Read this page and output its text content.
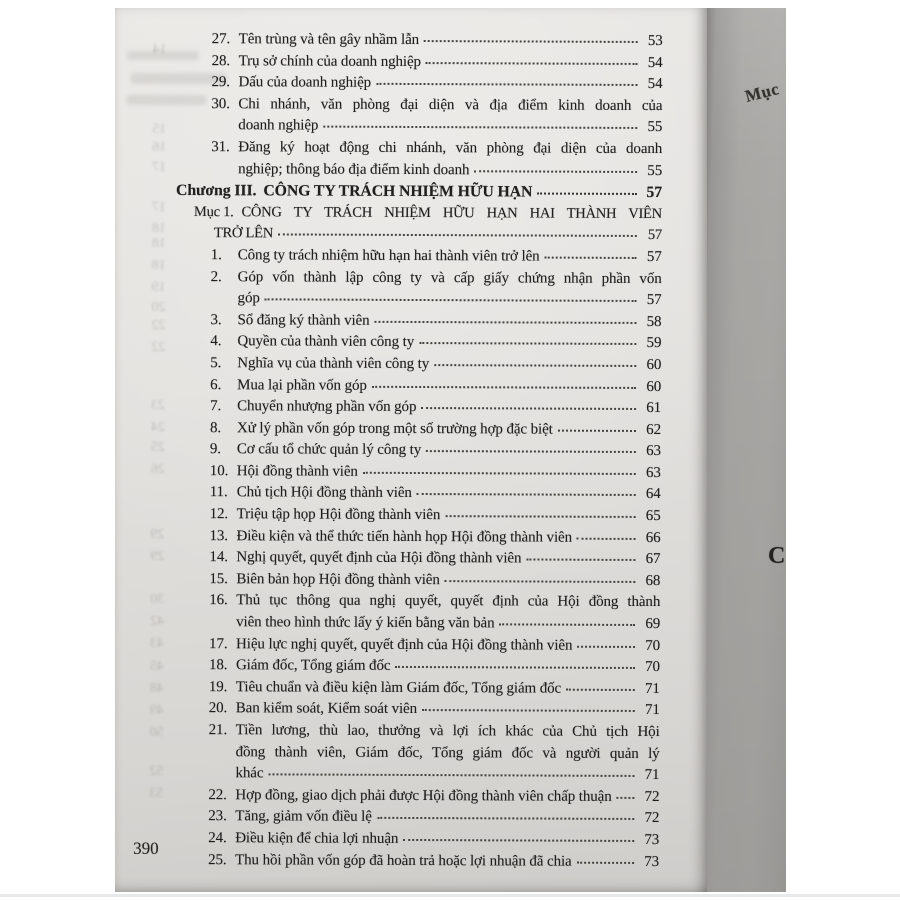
14
15
16
17
17
18
18
18
19
20
22
22
23
24
25
26
29
29
30
42
43
45
48
49
50
52
53
27. Tên trùng và tên gây nhầm lẫn	53
28. Trụ sở chính của doanh nghiệp	54
29. Dấu của doanh nghiệp	54
30. Chi nhánh, văn phòng đại diện và địa điểm kinh doanh của
doanh nghiệp	55
31. Đăng ký hoạt động chi nhánh, văn phòng đại diện của doanh
nghiệp; thông báo địa điểm kinh doanh	55
Chương III. CÔNG TY TRÁCH NHIỆM HỮU HẠN	57
Mục 1. CÔNG TY TRÁCH NHIỆM HỮU HẠN HAI THÀNH VIÊN
TRỞ LÊN	57
1.	Công ty trách nhiệm hữu hạn hai thành viên trở lên	57
2.	Góp vốn thành lập công ty và cấp giấy chứng nhận phần vốn
góp	57
3.	Sổ đăng ký thành viên	58
4.	Quyền của thành viên công ty	59
5.	Nghĩa vụ của thành viên công ty	60
6.	Mua lại phần vốn góp	60
7.	Chuyển nhượng phần vốn góp	61
8.	Xử lý phần vốn góp trong một số trường hợp đặc biệt	62
9.	Cơ cấu tổ chức quản lý công ty	63
10. Hội đồng thành viên	63
11. Chủ tịch Hội đồng thành viên	64
12. Triệu tập họp Hội đồng thành viên	65
13. Điều kiện và thể thức tiến hành họp Hội đồng thành viên	66
14. Nghị quyết, quyết định của Hội đồng thành viên	67
15. Biên bản họp Hội đồng thành viên	68
16. Thủ tục thông qua nghị quyết, quyết định của Hội đồng thành
viên theo hình thức lấy ý kiến bằng văn bản	69
17. Hiệu lực nghị quyết, quyết định của Hội đồng thành viên	70
18. Giám đốc, Tổng giám đốc	70
19. Tiêu chuẩn và điều kiện làm Giám đốc, Tổng giám đốc	71
20. Ban kiểm soát, Kiểm soát viên	71
21. Tiền lương, thù lao, thưởng và lợi ích khác của Chủ tịch Hội
đồng thành viên, Giám đốc, Tổng giám đốc và người quản lý
khác	71
22. Hợp đồng, giao dịch phải được Hội đồng thành viên chấp thuận	72
23. Tăng, giảm vốn điều lệ	72
24. Điều kiện để chia lợi nhuận	73
25. Thu hồi phần vốn góp đã hoàn trả hoặc lợi nhuận đã chia	73
390
Mục
C
